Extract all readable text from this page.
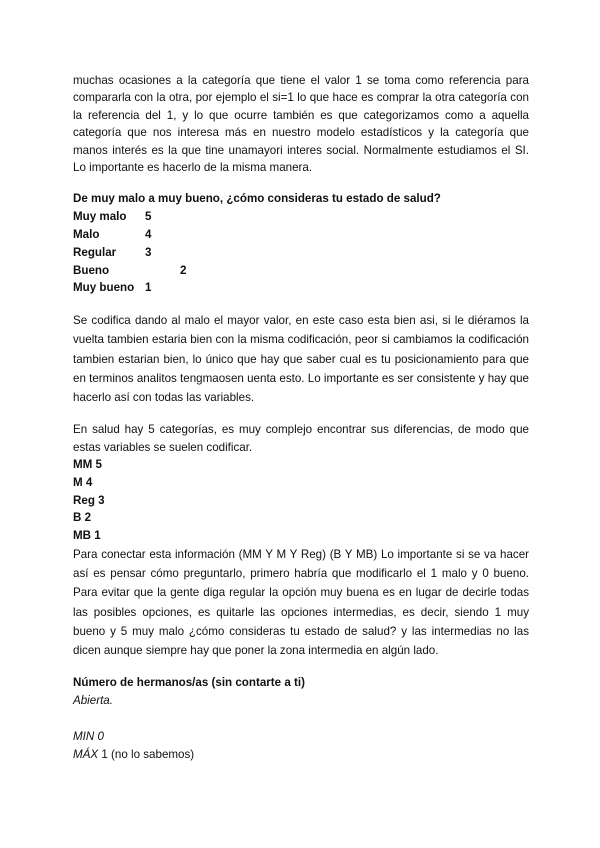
muchas ocasiones a la categoría que tiene el valor 1 se toma como referencia para compararla con la otra, por ejemplo el si=1 lo que hace es comprar la otra categoría con la referencia del 1, y lo que ocurre también es que categorizamos como a aquella categoría que nos interesa más en nuestro modelo estadísticos y la categoría que manos interés es la que tine unamayori interes social. Normalmente estudiamos el SI. Lo importante es hacerlo de la misma manera.

De muy malo a muy bueno, ¿cómo consideras tu estado de salud?
Muy malo 5
Malo	4
Regular 3
Bueno	2
Muy bueno 1

Se codifica dando al malo el mayor valor, en este caso esta bien asi, si le diéramos la vuelta tambien estaria bien con la misma codificación, peor si cambiamos la codificación tambien estarian bien, lo único que hay que saber cual es tu posicionamiento para que en terminos analitos tengmaosen uenta esto. Lo importante es ser consistente y hay que hacerlo así con todas las variables.

En salud hay 5 categorías, es muy complejo encontrar sus diferencias, de modo que estas variables se suelen codificar.

MM 5
M 4
Reg 3
B 2
MB 1

Para conectar esta información (MM Y M Y Reg) (B Y MB) Lo importante si se va hacer así es pensar cómo preguntarlo, primero habría que modificarlo el 1 malo y 0 bueno. Para evitar que la gente diga regular la opción muy buena es en lugar de decirle todas las posibles opciones, es quitarle las opciones intermedias, es decir, siendo 1 muy bueno y 5 muy malo ¿cómo consideras tu estado de salud? y las intermedias no las dicen aunque siempre hay que poner la zona intermedia en algún lado.

Número de hermanos/as (sin contarte a ti)
Abierta.
MIN 0
MÁX 1 (no lo sabemos)
